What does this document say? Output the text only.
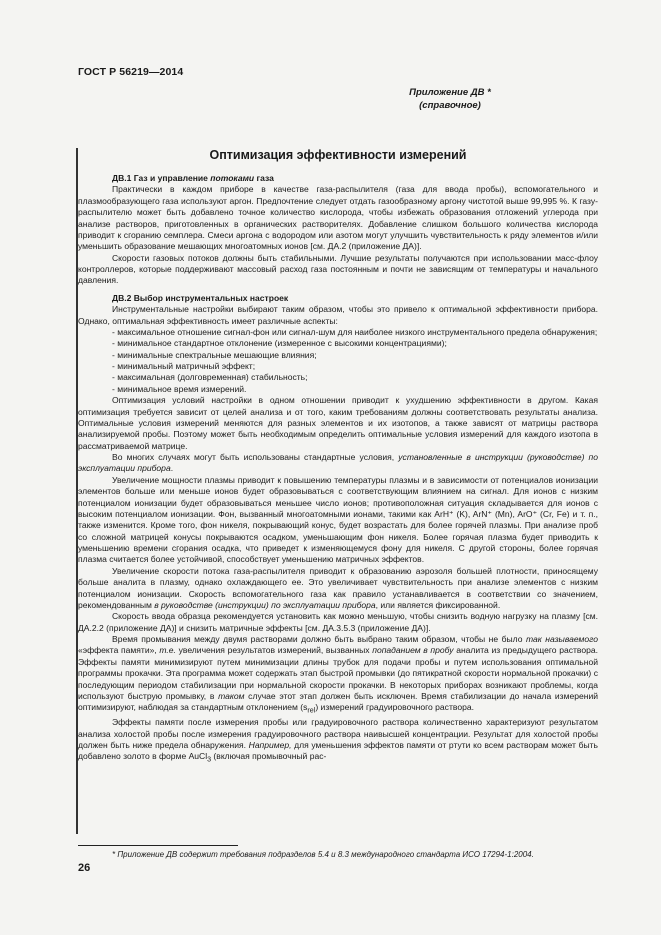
ГОСТ Р 56219—2014
Приложение ДВ *
(справочное)
Оптимизация эффективности измерений
ДВ.1 Газ и управление потоками газа

Практически в каждом приборе в качестве газа-распылителя (газа для ввода пробы), вспомогательного и плазмообразующего газа используют аргон. Предпочтение следует отдать газообразному аргону чистотой выше 99,995 %. К газу-распылителю может быть добавлено точное количество кислорода, чтобы избежать образования отложений углерода при анализе растворов, приготовленных в органических растворителях. Добавление слишком большого количества кислорода приводит к сгоранию семплера. Смеси аргона с водородом или азотом могут улучшить чувствительность к ряду элементов и/или уменьшить образование мешающих многоатомных ионов [см. ДА.2 (приложение ДА)].

Скорости газовых потоков должны быть стабильными. Лучшие результаты получаются при использовании масс-флоу контроллеров, которые поддерживают массовый расход газа постоянным и почти не зависящим от температуры и начального давления.

ДВ.2 Выбор инструментальных настроек

Инструментальные настройки выбирают таким образом, чтобы это привело к оптимальной эффективности прибора. Однако, оптимальная эффективность имеет различные аспекты:

- максимальное отношение сигнал-фон или сигнал-шум для наиболее низкого инструментального предела обнаружения;

- минимальное стандартное отклонение (измеренное с высокими концентрациями);

- минимальные спектральные мешающие влияния;

- минимальный матричный эффект;

- максимальная (долговременная) стабильность;

- минимальное время измерений.

Оптимизация условий настройки в одном отношении приводит к ухудшению эффективности в другом. Какая оптимизация требуется зависит от целей анализа и от того, каким требованиям должны соответствовать результаты анализа. Оптимальные условия измерений меняются для разных элементов и их изотопов, а также зависят от матрицы раствора анализируемой пробы. Поэтому может быть необходимым определить оптимальные условия измерений для каждого изотопа в рассматриваемой матрице.

Во многих случаях могут быть использованы стандартные условия, установленные в инструкции (руководстве) по эксплуатации прибора.

Увеличение мощности плазмы приводит к повышению температуры плазмы и в зависимости от потенциалов ионизации элементов больше или меньше ионов будет образовываться с соответствующим влиянием на сигнал. Для ионов с низким потенциалом ионизации будет образовываться меньшее число ионов; противоположная ситуация складывается для ионов с высоким потенциалом ионизации. Фон, вызванный многоатомными ионами, такими как ArH⁺ (K), ArN⁺ (Mn), ArO⁺ (Cr, Fe) и т. п., также изменится. Кроме того, фон никеля, покрывающий конус, будет возрастать для более горячей плазмы. При анализе проб со сложной матрицей конусы покрываются осадком, уменьшающим фон никеля. Более горячая плазма будет приводить к уменьшению времени сгорания осадка, что приведет к изменяющемуся фону для никеля. С другой стороны, более горячая плазма считается более устойчивой, способствует уменьшению матричных эффектов.

Увеличение скорости потока газа-распылителя приводит к образованию аэрозоля большей плотности, приносящему больше аналита в плазму, однако охлаждающего ее. Это увеличивает чувствительность при анализе элементов с низким потенциалом ионизации. Скорость вспомогательного газа как правило устанавливается в соответствии со значением, рекомендованным в руководстве (инструкции) по эксплуатации прибора, или является фиксированной.

Скорость ввода образца рекомендуется установить как можно меньшую, чтобы снизить водную нагрузку на плазму [см. ДА.2.2 (приложение ДА)] и снизить матричные эффекты [см. ДА.3.5.3 (приложение ДА)].

Время промывания между двумя растворами должно быть выбрано таким образом, чтобы не было так называемого «эффекта памяти», т.е. увеличения результатов измерений, вызванных попаданием в пробу аналита из предыдущего раствора. Эффекты памяти минимизируют путем минимизации длины трубок для подачи пробы и путем использования оптимальной программы прокачки. Эта программа может содержать этап быстрой промывки (до пятикратной скорости нормальной прокачки) с последующим периодом стабилизации при нормальной скорости прокачки. В некоторых приборах возникают проблемы, когда используют быструю промывку, в таком случае этот этап должен быть исключен. Время стабилизации до начала измерений оптимизируют, наблюдая за стандартным отклонением $(s_{rel})$ измерений градуировочного раствора.

Эффекты памяти после измерения пробы или градуировочного раствора количественно характеризуют результатом анализа холостой пробы после измерения градуировочного раствора наивысшей концентрации. Результат для холостой пробы должен быть ниже предела обнаружения. Например, для уменьшения эффектов памяти от ртути ко всем растворам может быть добавлено золото в форме AuCl$_3$ (включая промывочный рас-

* Приложение ДВ содержит требования подразделов 5.4 и 8.3 международного стандарта ИСО 17294-1:2004.
26
